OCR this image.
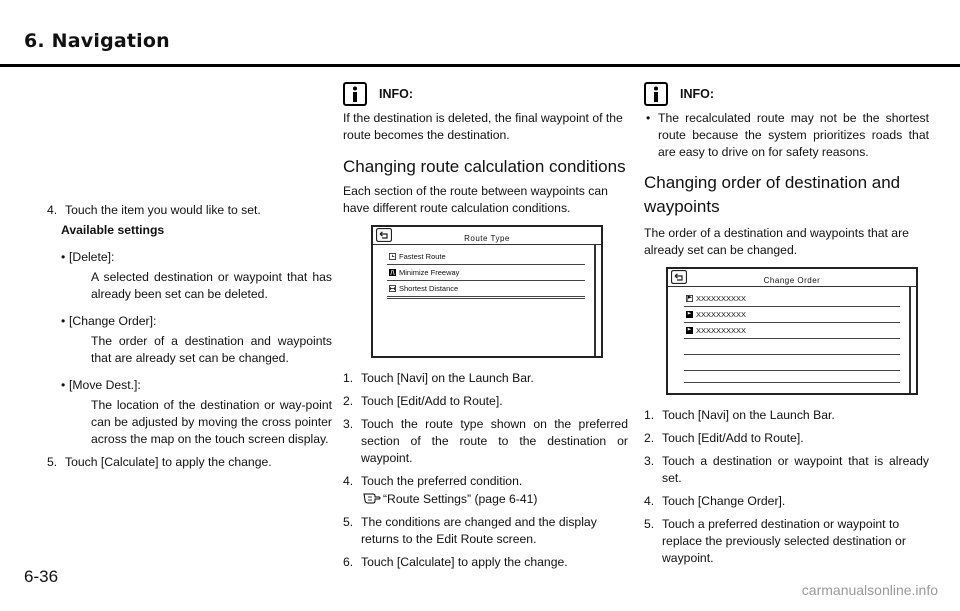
6. Navigation
4. Touch the item you would like to set.

Available settings

• [Delete]:

A selected destination or waypoint that has already been set can be deleted.

• [Change Order]:

The order of a destination and waypoints that are already set can be changed.

• [Move Dest.]:

The location of the destination or way-point can be adjusted by moving the cross pointer across the map on the touch screen display.

5. Touch [Calculate] to apply the change.
INFO:

If the destination is deleted, the final waypoint of the route becomes the destination.

Changing route calculation conditions

Each section of the route between waypoints can have different route calculation conditions.

Route Type
Fastest Route
Minimize Freeway
Shortest Distance
1. Touch [Navi] on the Launch Bar.
2. Touch [Edit/Add to Route].
3. Touch the route type shown on the preferred section of the route to the destination or waypoint.
4. Touch the preferred condition.
“Route Settings” (page 6-41)
5. The conditions are changed and the display returns to the Edit Route screen.
6. Touch [Calculate] to apply the change.
INFO:
• The recalculated route may not be the shortest route because the system prioritizes roads that are easy to drive on for safety reasons.

Changing order of destination and waypoints

The order of a destination and waypoints that are already set can be changed.

Change Order
XXXXXXXXXX
XXXXXXXXXX
XXXXXXXXXX
1. Touch [Navi] on the Launch Bar.
2. Touch [Edit/Add to Route].
3. Touch a destination or waypoint that is already set.
4. Touch [Change Order].
5. Touch a preferred destination or waypoint to replace the previously selected destination or waypoint.
6-36
carmanualsonline.info
